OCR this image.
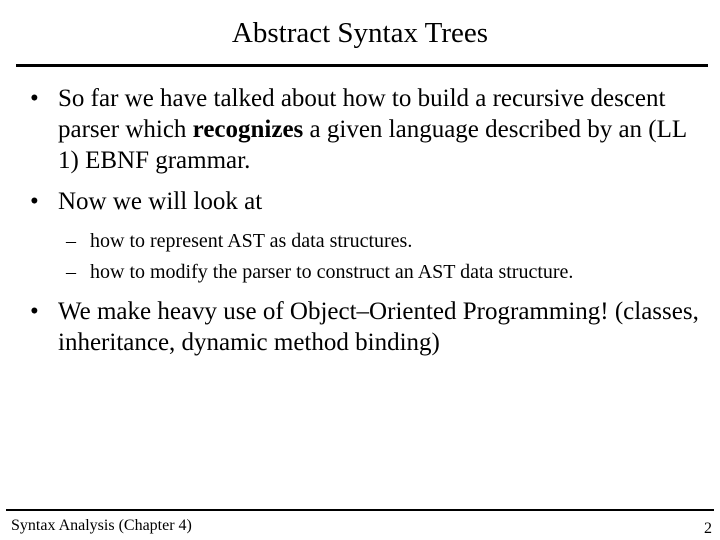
Abstract Syntax Trees
• So far we have talked about how to build a recursive descent parser which recognizes a given language described by an (LL 1) EBNF grammar.
• Now we will look at
– how to represent AST as data structures.
– how to modify the parser to construct an AST data structure.
• We make heavy use of Object–Oriented Programming! (classes, inheritance, dynamic method binding)
Syntax Analysis (Chapter 4)	2
